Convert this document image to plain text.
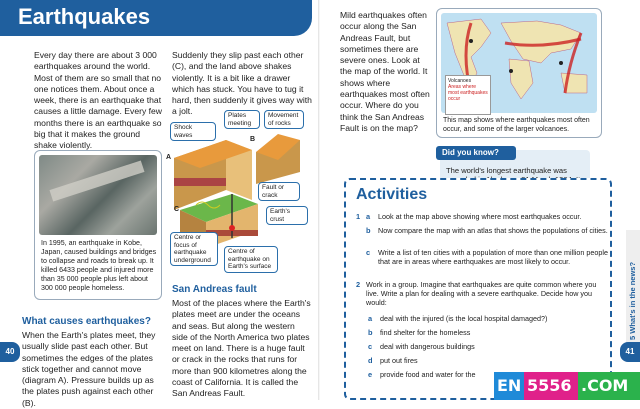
Earthquakes
Every day there are about 3 000 earthquakes around the world. Most of them are so small that no one notices them. About once a week, there is an earthquake that causes a little damage. Every few months there is an earthquake so big that it makes the ground shake violently.
Suddenly they slip past each other (C), and the land above shakes violently. It is a bit like a drawer which has stuck. You have to tug it hard, then suddenly it gives way with a jolt.
In 1995, an earthquake in Kobe, Japan, caused buildings and bridges to collapse and roads to break up. It killed 6433 people and injured more than 35 000 people plus left about 300 000 people homeless.
A
B
C
Shock waves
Plates meeting
Movement of rocks
Fault or crack
Earth's crust
Centre or focus of earthquake underground
Centre of earthquake on Earth's surface
What causes earthquakes?
When the Earth's plates meet, they usually slide past each other. But sometimes the edges of the plates stick together and cannot move (diagram A). Pressure builds up as the plates push against each other (B).
San Andreas fault
Most of the places where the Earth's plates meet are under the oceans and seas. But along the western side of the North America two plates meet on land. There is a huge fault or crack in the rocks that runs for more than 900 kilometres along the coast of California. It is called the San Andreas Fault.
40
Mild earthquakes often occur along the San Andreas Fault, but sometimes there are severe ones. Look at the map of the world. It shows where earthquakes most often occur. Where do you think the San Andreas Fault is on the map?
Volcanoes
Areas where most earthquakes occur
This map shows where earthquakes most often occur, and some of the larger volcanoes.
The world's longest earthquake was
Did you know?
Activities
1 a Look at the map above showing where most earthquakes occur.
b Now compare the map with an atlas that shows the populations of cities.
c Write a list of ten cities with a population of more than one million people that are in areas where earthquakes are most likely to occur.
2 Work in a group. Imagine that earthquakes are quite common where you live. Write a plan for dealing with a severe earthquake. Decide how you would:
a deal with the injured (is the local hospital damaged?)
b find shelter for the homeless
c deal with dangerous buildings
d put out fires
e provide food and water for the
5 What's in the news?
41
EN 5556 .COM
